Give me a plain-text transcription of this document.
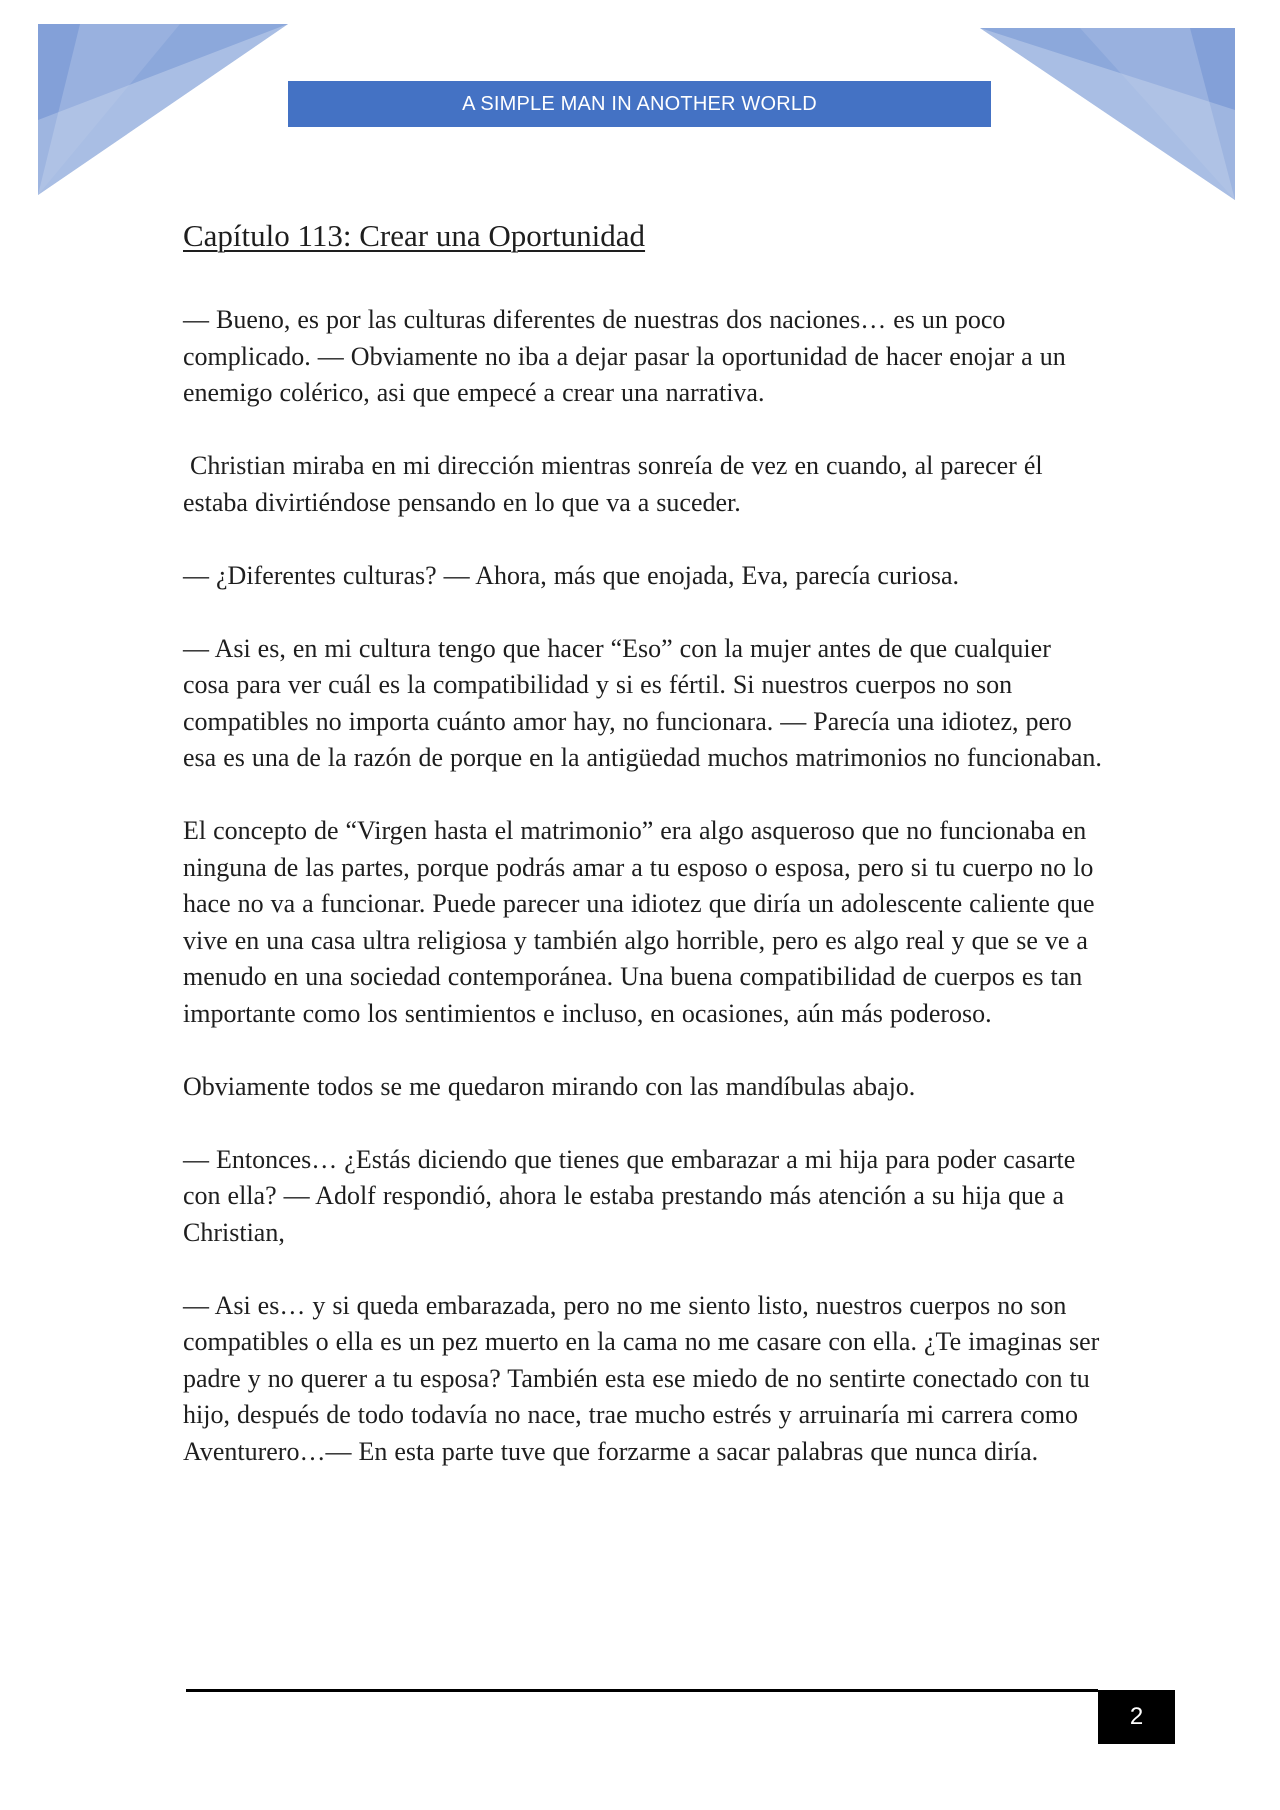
A SIMPLE MAN IN ANOTHER WORLD
Capítulo 113: Crear una Oportunidad

— Bueno, es por las culturas diferentes de nuestras dos naciones… es un poco complicado. — Obviamente no iba a dejar pasar la oportunidad de hacer enojar a un enemigo colérico, asi que empecé a crear una narrativa.

Christian miraba en mi dirección mientras sonreía de vez en cuando, al parecer él estaba divirtiéndose pensando en lo que va a suceder.

— ¿Diferentes culturas? — Ahora, más que enojada, Eva, parecía curiosa.

— Asi es, en mi cultura tengo que hacer “Eso” con la mujer antes de que cualquier cosa para ver cuál es la compatibilidad y si es fértil. Si nuestros cuerpos no son compatibles no importa cuánto amor hay, no funcionara. — Parecía una idiotez, pero esa es una de la razón de porque en la antigüedad muchos matrimonios no funcionaban.

El concepto de “Virgen hasta el matrimonio” era algo asqueroso que no funcionaba en ninguna de las partes, porque podrás amar a tu esposo o esposa, pero si tu cuerpo no lo hace no va a funcionar. Puede parecer una idiotez que diría un adolescente caliente que vive en una casa ultra religiosa y también algo horrible, pero es algo real y que se ve a menudo en una sociedad contemporánea. Una buena compatibilidad de cuerpos es tan importante como los sentimientos e incluso, en ocasiones, aún más poderoso.

Obviamente todos se me quedaron mirando con las mandíbulas abajo.

— Entonces… ¿Estás diciendo que tienes que embarazar a mi hija para poder casarte con ella? — Adolf respondió, ahora le estaba prestando más atención a su hija que a Christian,

— Asi es… y si queda embarazada, pero no me siento listo, nuestros cuerpos no son compatibles o ella es un pez muerto en la cama no me casare con ella. ¿Te imaginas ser padre y no querer a tu esposa? También esta ese miedo de no sentirte conectado con tu hijo, después de todo todavía no nace, trae mucho estrés y arruinaría mi carrera como Aventurero…— En esta parte tuve que forzarme a sacar palabras que nunca diría.

2
